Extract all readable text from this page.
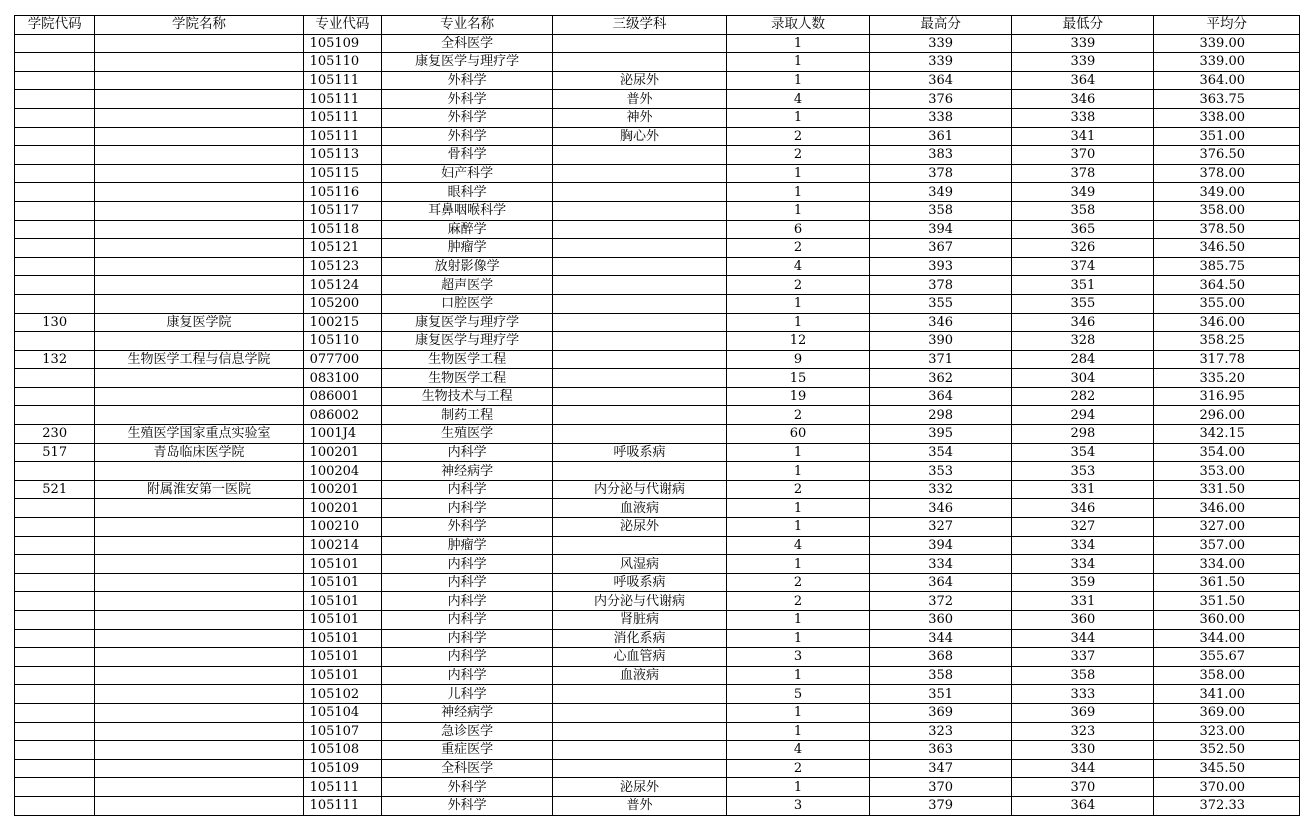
学院代码	学院名称	专业代码	专业名称	三级学科	录取人数	最高分	最低分	平均分
		105109	全科医学		1	339	339	339.00
		105110	康复医学与理疗学		1	339	339	339.00
		105111	外科学	泌尿外	1	364	364	364.00
		105111	外科学	普外	4	376	346	363.75
		105111	外科学	神外	1	338	338	338.00
		105111	外科学	胸心外	2	361	341	351.00
		105113	骨科学		2	383	370	376.50
		105115	妇产科学		1	378	378	378.00
		105116	眼科学		1	349	349	349.00
		105117	耳鼻咽喉科学		1	358	358	358.00
		105118	麻醉学		6	394	365	378.50
		105121	肿瘤学		2	367	326	346.50
		105123	放射影像学		4	393	374	385.75
		105124	超声医学		2	378	351	364.50
		105200	口腔医学		1	355	355	355.00
130	康复医学院	100215	康复医学与理疗学		1	346	346	346.00
		105110	康复医学与理疗学		12	390	328	358.25
132	生物医学工程与信息学院	077700	生物医学工程		9	371	284	317.78
		083100	生物医学工程		15	362	304	335.20
		086001	生物技术与工程		19	364	282	316.95
		086002	制药工程		2	298	294	296.00
230	生殖医学国家重点实验室	1001J4	生殖医学		60	395	298	342.15
517	青岛临床医学院	100201	内科学	呼吸系病	1	354	354	354.00
		100204	神经病学		1	353	353	353.00
521	附属淮安第一医院	100201	内科学	内分泌与代谢病	2	332	331	331.50
		100201	内科学	血液病	1	346	346	346.00
		100210	外科学	泌尿外	1	327	327	327.00
		100214	肿瘤学		4	394	334	357.00
		105101	内科学	风湿病	1	334	334	334.00
		105101	内科学	呼吸系病	2	364	359	361.50
		105101	内科学	内分泌与代谢病	2	372	331	351.50
		105101	内科学	肾脏病	1	360	360	360.00
		105101	内科学	消化系病	1	344	344	344.00
		105101	内科学	心血管病	3	368	337	355.67
		105101	内科学	血液病	1	358	358	358.00
		105102	儿科学		5	351	333	341.00
		105104	神经病学		1	369	369	369.00
		105107	急诊医学		1	323	323	323.00
		105108	重症医学		4	363	330	352.50
		105109	全科医学		2	347	344	345.50
		105111	外科学	泌尿外	1	370	370	370.00
		105111	外科学	普外	3	379	364	372.33
